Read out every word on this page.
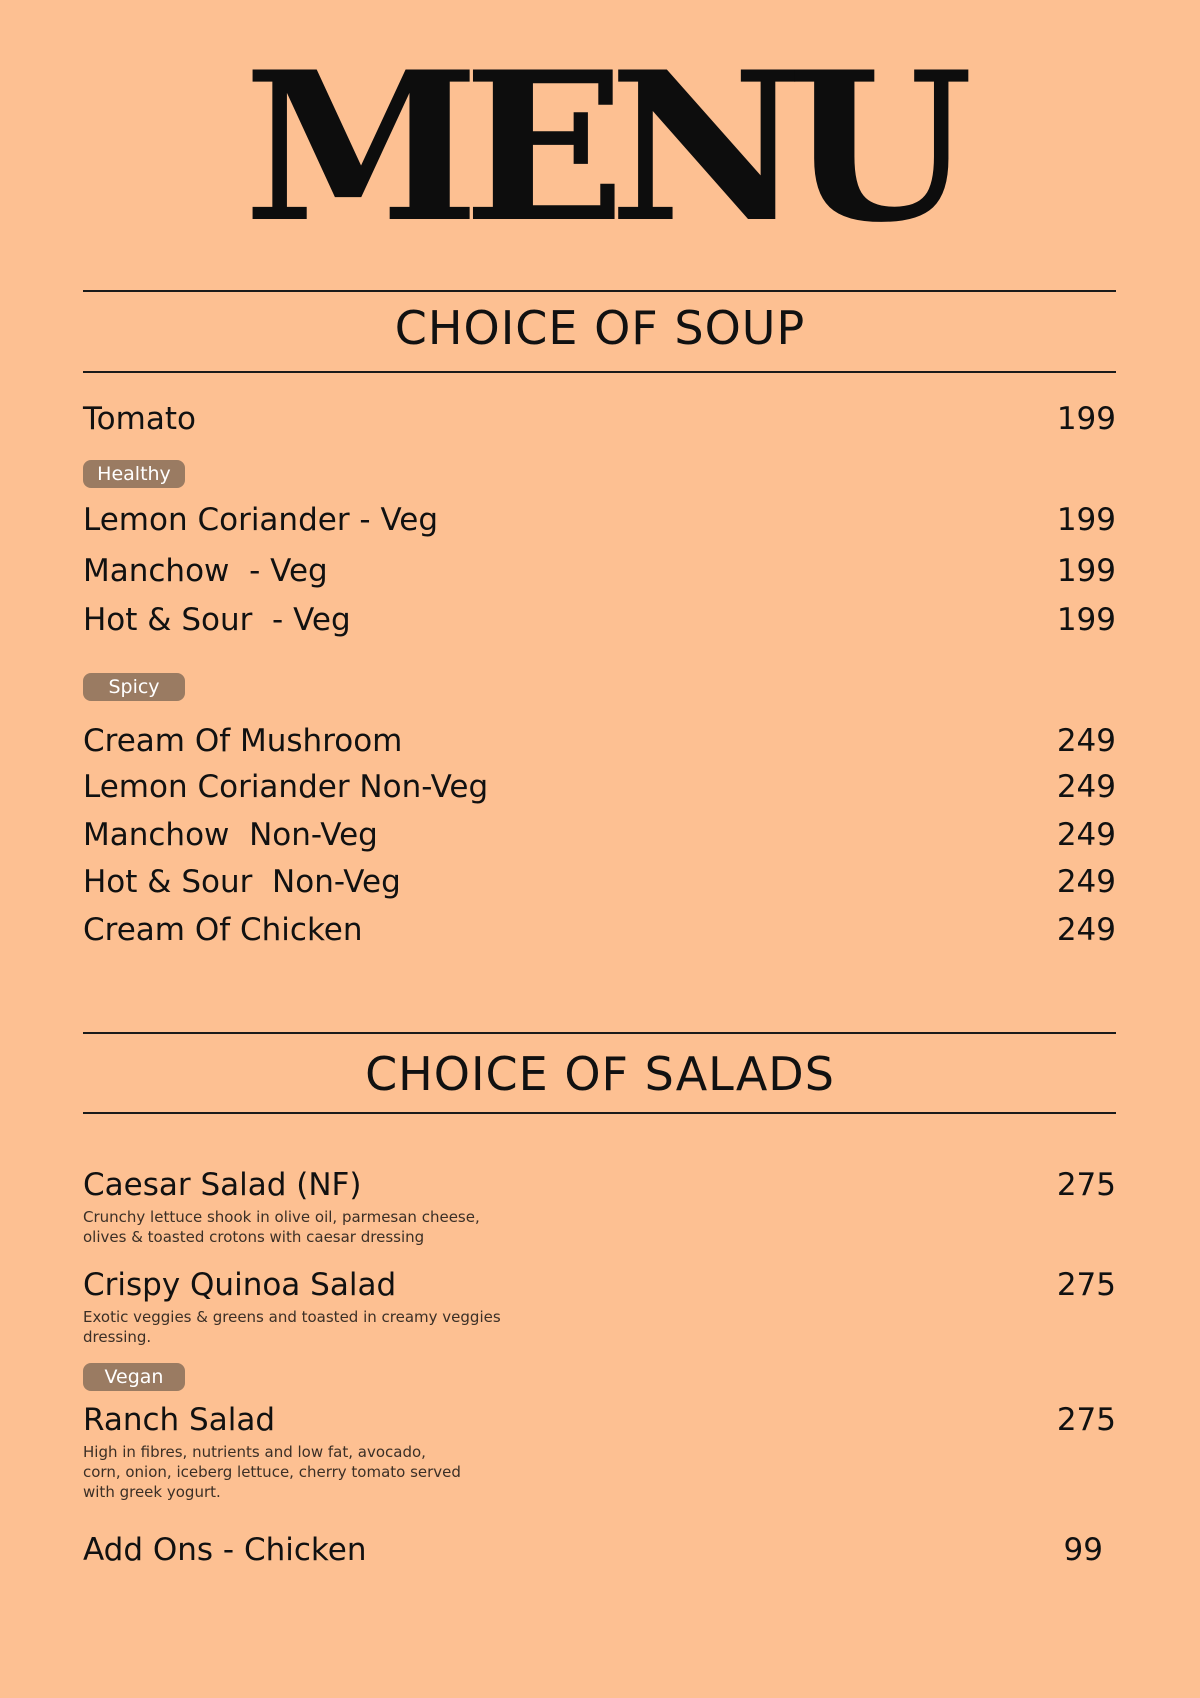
MENU
CHOICE OF SOUP
Tomato	199
Healthy
Lemon Coriander - Veg	199
Manchow  - Veg	199
Hot & Sour  - Veg	199
Spicy
Cream Of Mushroom	249
Lemon Coriander Non-Veg	249
Manchow  Non-Veg	249
Hot & Sour  Non-Veg	249
Cream Of Chicken	249
CHOICE OF SALADS
Caesar Salad (NF)	275
Crunchy lettuce shook in olive oil, parmesan cheese, olives & toasted crotons with caesar dressing
Crispy Quinoa Salad	275
Exotic veggies & greens and toasted in creamy veggies dressing.
Vegan
Ranch Salad	275
High in fibres, nutrients and low fat, avocado, corn, onion, iceberg lettuce, cherry tomato served with greek yogurt.
Add Ons - Chicken	99
